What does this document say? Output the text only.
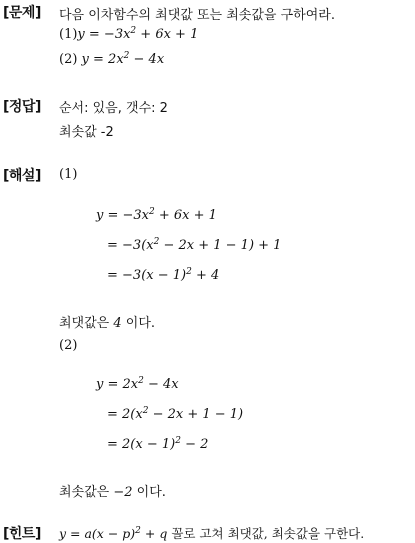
[문제] 다음 이차함수의 최댓값 또는 최솟값을 구하여라.
$(1)y = -3x^2 + 6x + 1$
(2) $y = 2x^2 - 4x$
[정답] 순서: 있음, 갯수: 2
최솟값 -2
[해설] (1)
$y = -3x^2 + 6x + 1$
= $-3(x^2 - 2x + 1 - 1) + 1$
= $-3(x - 1)^2 + 4$
최댓값은 4 이다.
(2)
$y = 2x^2 - 4x$
= $2(x^2 - 2x + 1 - 1)$
= $2(x - 1)^2 - 2$
최솟값은 −2 이다.
[힌트] $y = a(x - p)^2 + q$ 꼴로 고쳐 최댓값, 최솟값을 구한다.
